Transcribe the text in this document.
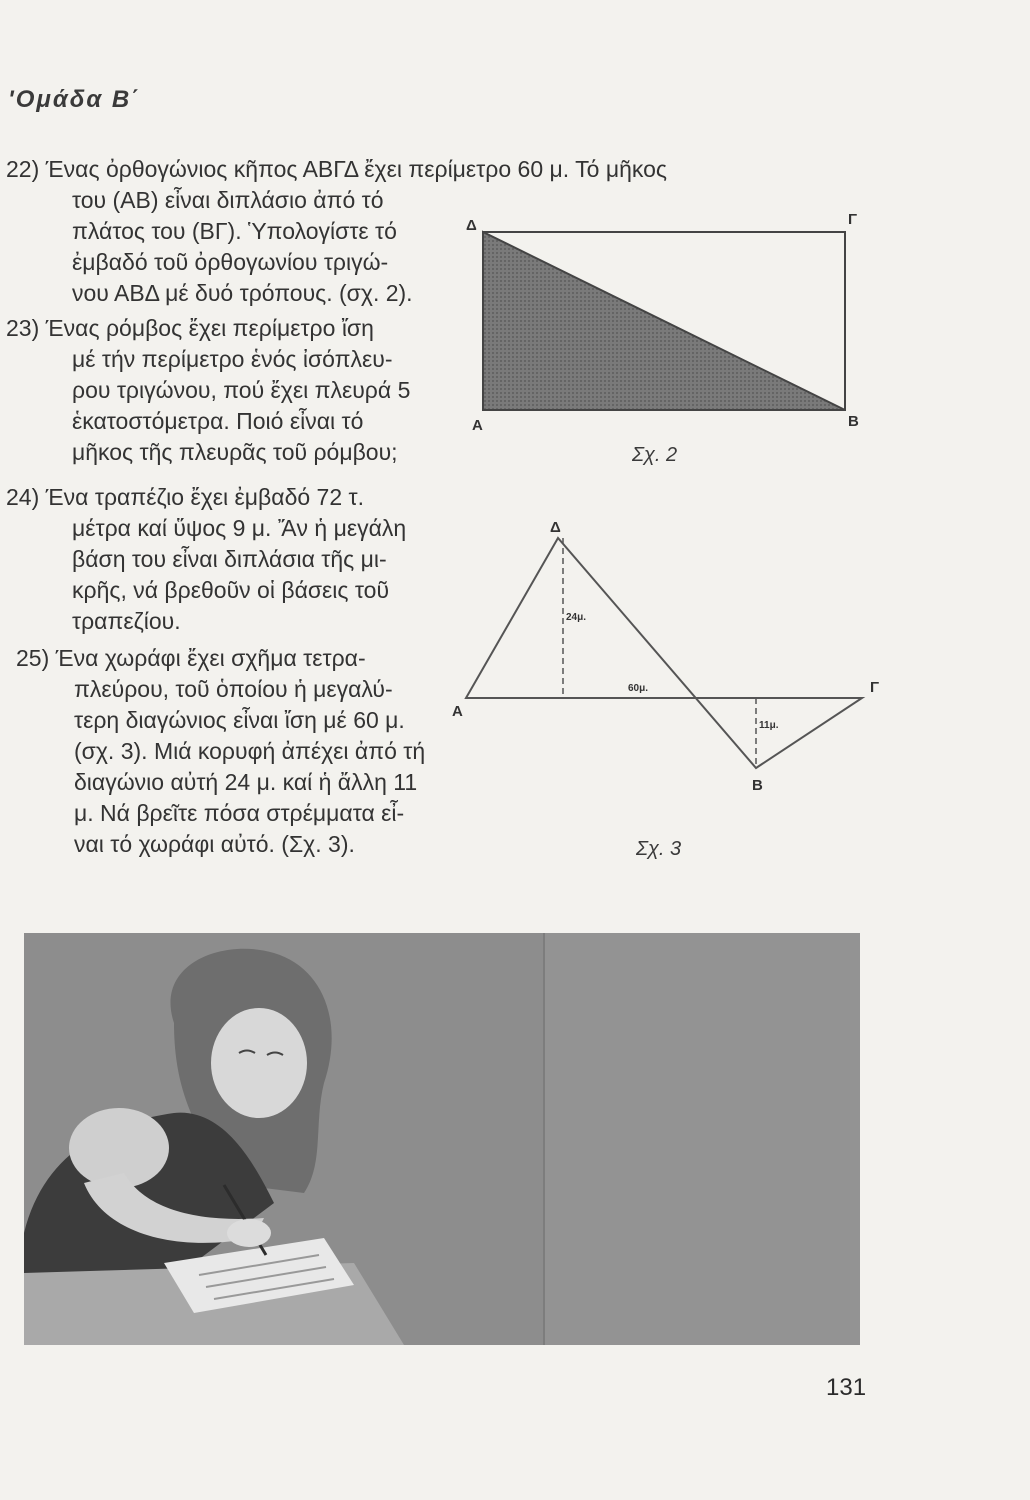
'Ομάδα Β΄
22) Ένας ὀρθογώνιος κῆπος ΑΒΓΔ ἔχει περίμετρο 60 μ. Τό μῆκος
του (ΑΒ) εἶναι διπλάσιο ἀπό τό
πλάτος του (ΒΓ). Ὑπολογίστε τό
ἐμβαδό τοῦ ὀρθογωνίου τριγώ-
νου ΑΒΔ μέ δυό τρόπους. (σχ. 2).
23) Ένας ρόμβος ἔχει περίμετρο ἴση
μέ τήν περίμετρο ἑνός ἰσόπλευ-
ρου τριγώνου, πού ἔχει πλευρά 5
ἑκατοστόμετρα. Ποιό εἶναι τό
μῆκος τῆς πλευρᾶς τοῦ ρόμβου;
24) Ένα τραπέζιο ἔχει ἐμβαδό 72 τ.
μέτρα καί ὕψος 9 μ. Ἄν ἡ μεγάλη
βάση του εἶναι διπλάσια τῆς μι-
κρῆς, νά βρεθοῦν οἱ βάσεις τοῦ
τραπεζίου.
25) Ένα χωράφι ἔχει σχῆμα τετρα-
πλεύρου, τοῦ ὁποίου ἡ μεγαλύ-
τερη διαγώνιος εἶναι ἴση μέ 60 μ.
(σχ. 3). Μιά κορυφή ἀπέχει ἀπό τή
διαγώνιο αὐτή 24 μ. καί ἡ ἄλλη 11
μ. Νά βρεῖτε πόσα στρέμματα εἶ-
ναι τό χωράφι αὐτό. (Σχ. 3).
Δ	Γ
Α	Β
Σχ. 2
Δ
Α
Γ
Β
24μ.
60μ.
11μ.
Σχ. 3
131
